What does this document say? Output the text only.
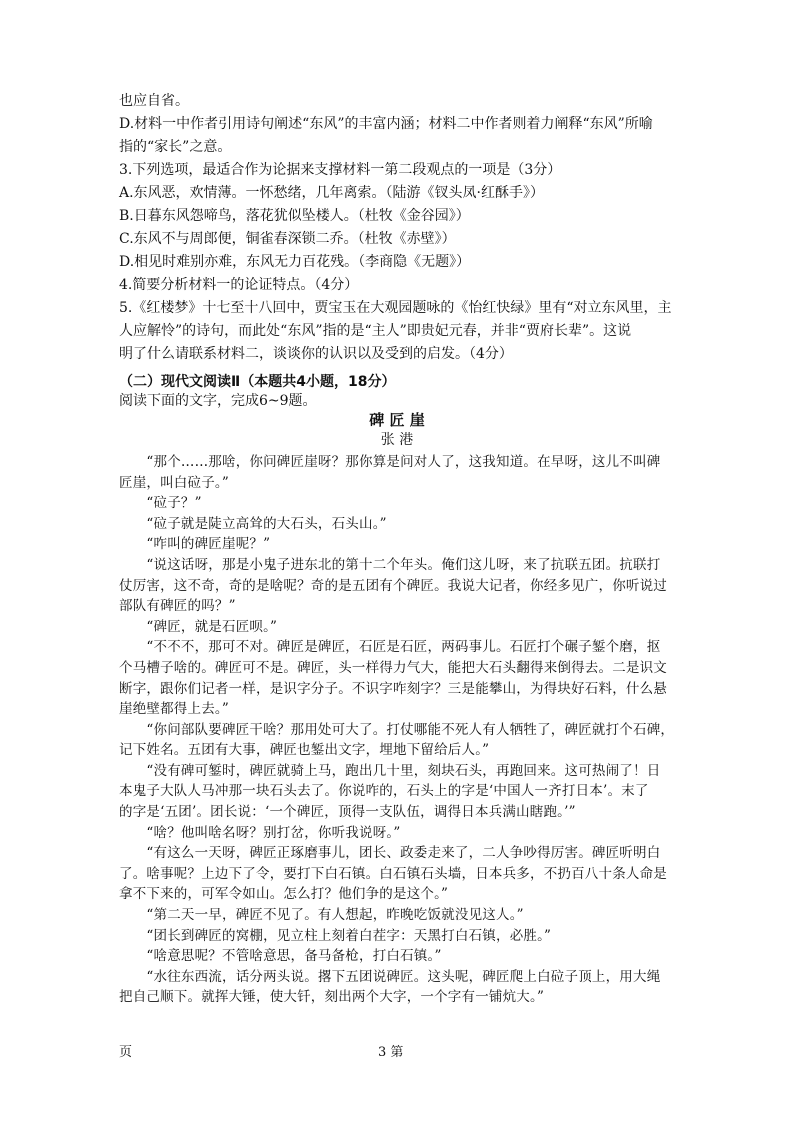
也应自省。
D.材料一中作者引用诗句阐述“东风”的丰富内涵；材料二中作者则着力阐释“东风”所喻
指的“家长”之意。
3.下列选项，最适合作为论据来支撑材料一第二段观点的一项是（3分）
A.东风恶，欢情薄。一怀愁绪，几年离索。（陆游《钗头凤·红酥手》）
B.日暮东风怨啼鸟，落花犹似坠楼人。（杜牧《金谷园》）
C.东风不与周郎便，铜雀春深锁二乔。（杜牧《赤壁》）
D.相见时难别亦难，东风无力百花残。（李商隐《无题》）
4.简要分析材料一的论证特点。（4分）
5.《红楼梦》十七至十八回中，贾宝玉在大观园题咏的《怡红快绿》里有“对立东风里，主
人应解怜”的诗句，而此处“东风”指的是“主人”即贵妃元春，并非“贾府长辈”。这说
明了什么请联系材料二，谈谈你的认识以及受到的启发。（4分）
（二）现代文阅读Ⅱ（本题共4小题，18分）
阅读下面的文字，完成6~9题。
碑 匠 崖
张 港
　　“那个……那啥，你问碑匠崖呀？那你算是问对人了，这我知道。在早呀，这儿不叫碑
匠崖，叫白砬子。”
　　“砬子？”
　　“砬子就是陡立高耸的大石头，石头山。”
　　“咋叫的碑匠崖呢？”
　　“说这话呀，那是小鬼子进东北的第十二个年头。俺们这儿呀，来了抗联五团。抗联打
仗厉害，这不奇，奇的是啥呢？奇的是五团有个碑匠。我说大记者，你经多见广，你听说过
部队有碑匠的吗？”
　　“碑匠，就是石匠呗。”
　　“不不不，那可不对。碑匠是碑匠，石匠是石匠，两码事儿。石匠打个碾子錾个磨，抠
个马槽子啥的。碑匠可不是。碑匠，头一样得力气大，能把大石头翻得来倒得去。二是识文
断字，跟你们记者一样，是识字分子。不识字咋刻字？三是能攀山，为得块好石料，什么悬
崖绝壁都得上去。”
　　“你问部队要碑匠干啥？那用处可大了。打仗哪能不死人有人牺牲了，碑匠就打个石碑，
记下姓名。五团有大事，碑匠也錾出文字，埋地下留给后人。”
　　“没有碑可錾时，碑匠就骑上马，跑出几十里，刻块石头，再跑回来。这可热闹了！日
本鬼子大队人马冲那一块石头去了。你说咋的，石头上的字是‘中国人一齐打日本’。末了
的字是‘五团’。团长说：‘一个碑匠，顶得一支队伍，调得日本兵满山瞎跑。’”
　　“啥？他叫啥名呀？别打岔，你听我说呀。”
　　“有这么一天呀，碑匠正琢磨事儿，团长、政委走来了，二人争吵得厉害。碑匠听明白
了。啥事呢？上边下了令，要打下白石镇。白石镇石头墙，日本兵多，不扔百八十条人命是
拿不下来的，可军令如山。怎么打？他们争的是这个。”
　　“第二天一早，碑匠不见了。有人想起，昨晚吃饭就没见这人。”
　　“团长到碑匠的窝棚，见立柱上刻着白茬字：天黑打白石镇，必胜。”
　　“啥意思呢？不管啥意思，备马备枪，打白石镇。”
　　“水往东西流，话分两头说。撂下五团说碑匠。这头呢，碑匠爬上白砬子顶上，用大绳
把自己顺下。就挥大锤，使大钎，刻出两个大字，一个字有一铺炕大。”
页	3 第
